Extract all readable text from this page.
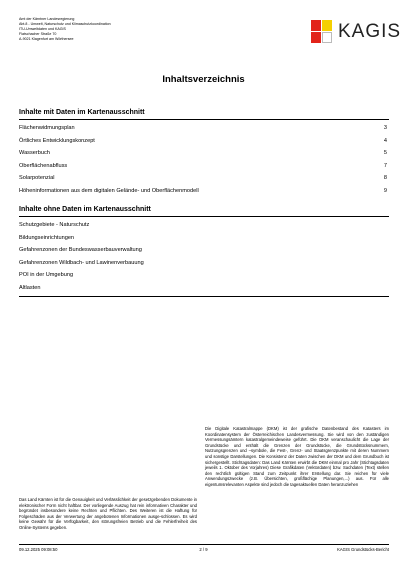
Amt der Kärntner Landesregierung
Abt.8 - Umwelt, Naturschutz und Klimaschutzkoordination
ITU-Umweltdaten und KAGIS
Flatschacher Straße 70
A-9021 Klagenfurt am Wörthersee	KAGIS
Inhaltsverzeichnis
Inhalte mit Daten im Kartenausschnitt
Flächenwidmungsplan	3
Örtliches Entwicklungskonzept	4
Wasserbuch	5
Oberflächenabfluss	7
Solarpotenzial	8
Höheninformationen aus dem digitalen Gelände- und Oberflächenmodell	9
Inhalte ohne Daten im Kartenausschnitt
Schutzgebiete - Naturschutz
Bildungseinrichtungen
Gefahrenzonen der Bundeswasserbauverwaltung
Gefahrenzonen Wildbach- und Lawinenverbauung
POI in der Umgebung
Altlasten
Das Land Kärnten ist für die Genauigkeit und Verlässlichkeit der gesetzgebenden Dokumente in elektronischer Form nicht haftbar. Der vorliegende Auszug hat rein informativen Charakter und begründet insbesondere keine Rechten und Pflichten. Des Weiteren ist die Haftung für Folgeschäden aus der Verwertung der angebotenen Informationen ausge-schlossen. Es wird keine Gewähr für die Verfügbarkeit, den störungsfreien Betrieb und die Fehlerfreiheit des Online-Systems gegeben.
Die Digitale Katastralmappe (DKM) ist der grafische Datenbestand des Katasters im Koordinatensystem der Österreichischen Landesvermessung. Sie wird von den zuständigen Vermessungsämtern katastralgemeindeweise geführt. Die DKM veranschaulicht die Lage der Grundstücke und enthält die Grenzen der Grundstücke, die Grundstücksnummern, Nutzungsgrenzen und –symbole, die Fest-, Grenz- und Staatsgrenzpunkte mit deren Nummern und sonstige Darstellungen. Die Konsistenz der Daten zwischen der DKM und dem Grundbuch ist sichergestellt. Stichtagsdaten: Das Land Kärnten erwirbt die DKM einmal pro Jahr (Stichtagsdaten jeweils 1. Oktober des Vorjahres) Diese Grafikdaten (Vektordaten) bzw. Sachdaten (Text) stellen den rechtlich gültigen Stand zum Zeitpunkt ihrer Erstellung dar. Sie reichen für viele Anwendungszwecke (z.B. Übersichten, großflächige Planungen,...) aus. Für alle eigentumsrelevanten Aspekte sind jedoch die tagesaktuellen Daten heranzuziehen
09.12.2025 09:08:50	2 / 9	KAGIS Grundstücks-Bericht
